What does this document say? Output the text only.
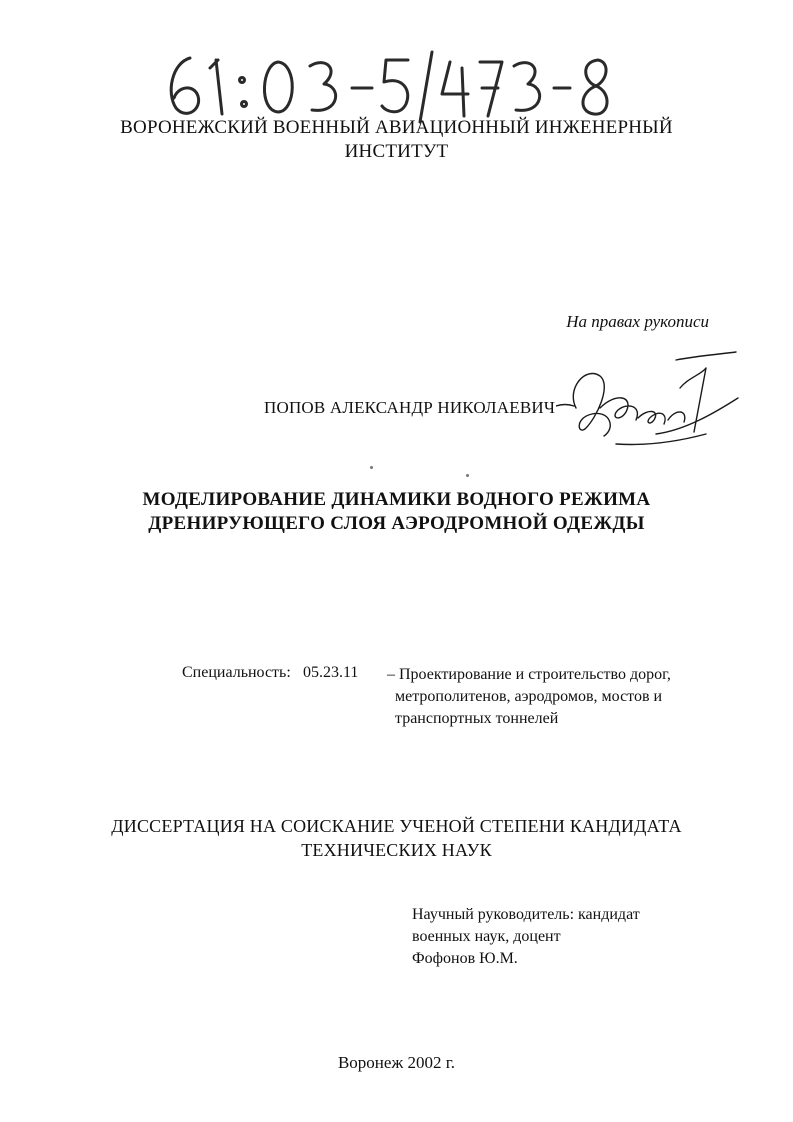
ВОРОНЕЖСКИЙ ВОЕННЫЙ АВИАЦИОННЫЙ ИНЖЕНЕРНЫЙ
ИНСТИТУТ
На правах рукописи
ПОПОВ АЛЕКСАНДР НИКОЛАЕВИЧ
МОДЕЛИРОВАНИЕ ДИНАМИКИ ВОДНОГО РЕЖИМА
ДРЕНИРУЮЩЕГО СЛОЯ АЭРОДРОМНОЙ ОДЕЖДЫ
Специальность: 05.23.11 – Проектирование и строительство дорог,
метрополитенов, аэродромов, мостов и
транспортных тоннелей
ДИССЕРТАЦИЯ НА СОИСКАНИЕ УЧЕНОЙ СТЕПЕНИ КАНДИДАТА
ТЕХНИЧЕСКИХ НАУК
Научный руководитель: кандидат
военных наук, доцент
Фофонов Ю.М.
Воронеж 2002 г.
